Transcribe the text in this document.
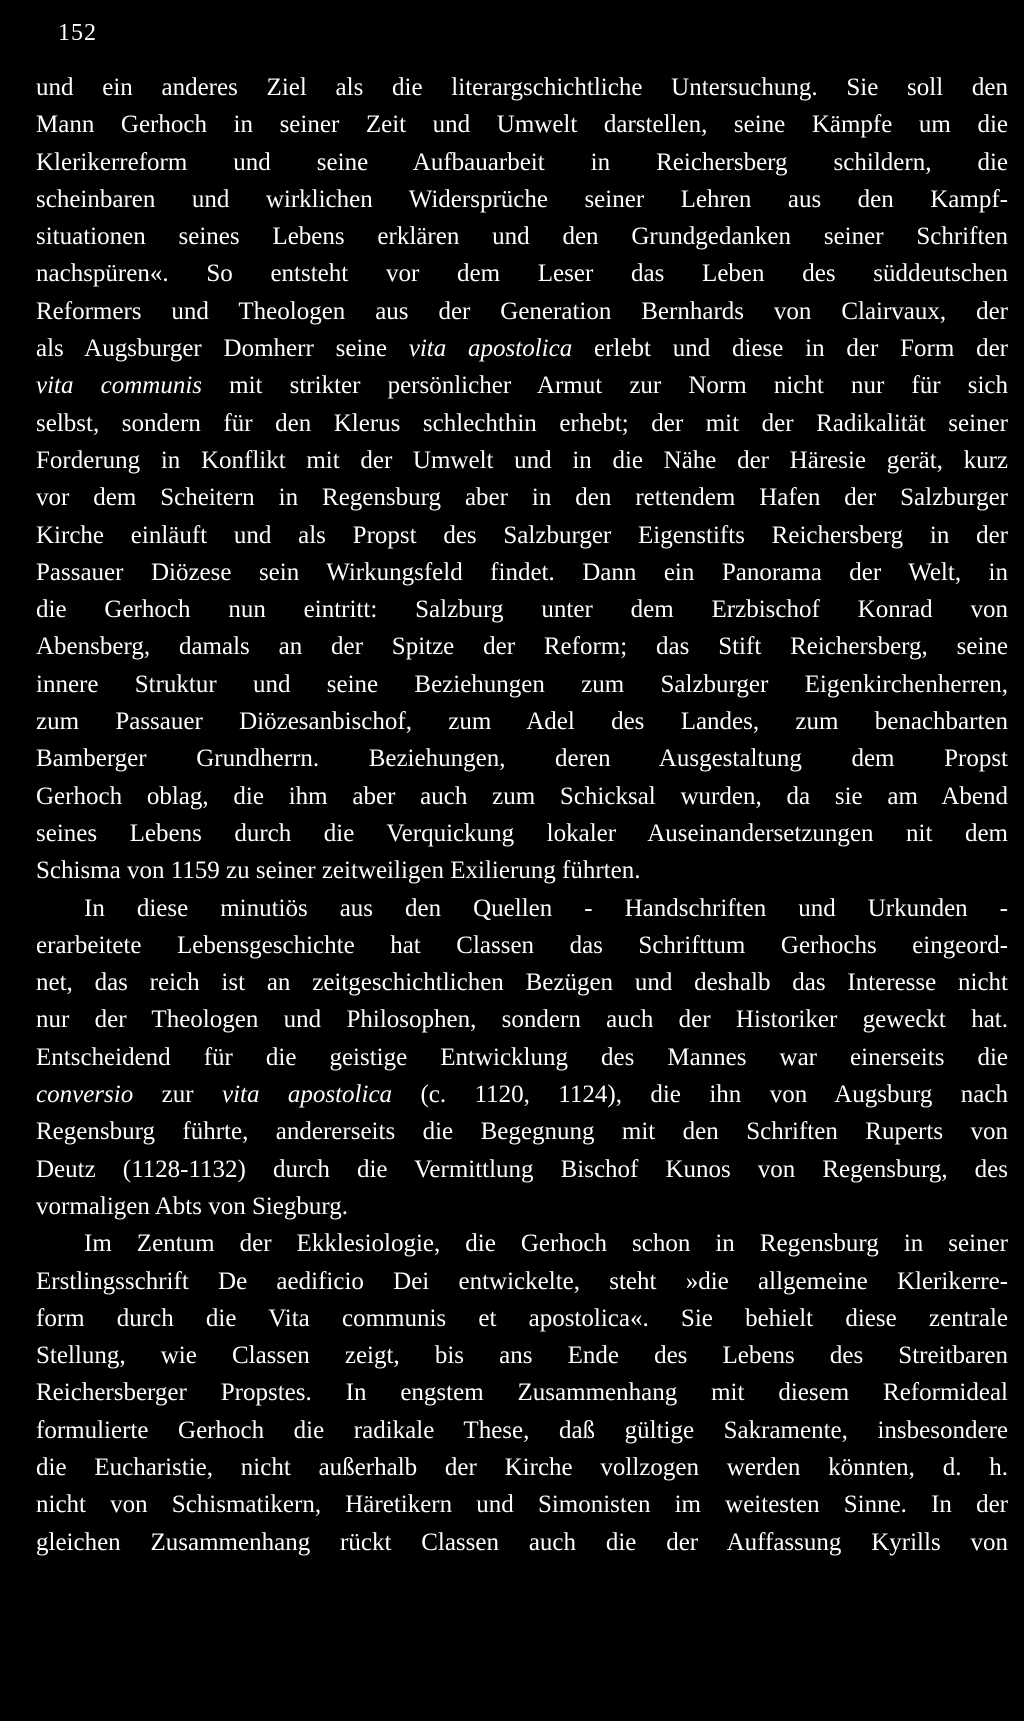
152
und ein anderes Ziel als die literargschichtliche Untersuchung. Sie soll den
Mann Gerhoch in seiner Zeit und Umwelt darstellen, seine Kämpfe um die
Klerikerreform und seine Aufbauarbeit in Reichersberg schildern, die
scheinbaren und wirklichen Widersprüche seiner Lehren aus den Kampf-
situationen seines Lebens erklären und den Grundgedanken seiner Schriften
nachspüren«. So entsteht vor dem Leser das Leben des süddeutschen
Reformers und Theologen aus der Generation Bernhards von Clairvaux, der
als Augsburger Domherr seine vita apostolica erlebt und diese in der Form der
vita communis mit strikter persönlicher Armut zur Norm nicht nur für sich
selbst, sondern für den Klerus schlechthin erhebt; der mit der Radikalität seiner
Forderung in Konflikt mit der Umwelt und in die Nähe der Häresie gerät, kurz
vor dem Scheitern in Regensburg aber in den rettendem Hafen der Salzburger
Kirche einläuft und als Propst des Salzburger Eigenstifts Reichersberg in der
Passauer Diözese sein Wirkungsfeld findet. Dann ein Panorama der Welt, in
die Gerhoch nun eintritt: Salzburg unter dem Erzbischof Konrad von
Abensberg, damals an der Spitze der Reform; das Stift Reichersberg, seine
innere Struktur und seine Beziehungen zum Salzburger Eigenkirchenherren,
zum Passauer Diözesanbischof, zum Adel des Landes, zum benachbarten
Bamberger Grundherrn. Beziehungen, deren Ausgestaltung dem Propst
Gerhoch oblag, die ihm aber auch zum Schicksal wurden, da sie am Abend
seines Lebens durch die Verquickung lokaler Auseinandersetzungen nit dem
Schisma von 1159 zu seiner zeitweiligen Exilierung führten.
In diese minutiös aus den Quellen - Handschriften und Urkunden -
erarbeitete Lebensgeschichte hat Classen das Schrifttum Gerhochs eingeord-
net, das reich ist an zeitgeschichtlichen Bezügen und deshalb das Interesse nicht
nur der Theologen und Philosophen, sondern auch der Historiker geweckt hat.
Entscheidend für die geistige Entwicklung des Mannes war einerseits die
conversio zur vita apostolica (c. 1120, 1124), die ihn von Augsburg nach
Regensburg führte, andererseits die Begegnung mit den Schriften Ruperts von
Deutz (1128-1132) durch die Vermittlung Bischof Kunos von Regensburg, des
vormaligen Abts von Siegburg.
Im Zentum der Ekklesiologie, die Gerhoch schon in Regensburg in seiner
Erstlingsschrift De aedificio Dei entwickelte, steht »die allgemeine Klerikerre-
form durch die Vita communis et apostolica«. Sie behielt diese zentrale
Stellung, wie Classen zeigt, bis ans Ende des Lebens des Streitbaren
Reichersberger Propstes. In engstem Zusammenhang mit diesem Reformideal
formulierte Gerhoch die radikale These, daß gültige Sakramente, insbesondere
die Eucharistie, nicht außerhalb der Kirche vollzogen werden könnten, d. h.
nicht von Schismatikern, Häretikern und Simonisten im weitesten Sinne. In der
gleichen Zusammenhang rückt Classen auch die der Auffassung Kyrills von
